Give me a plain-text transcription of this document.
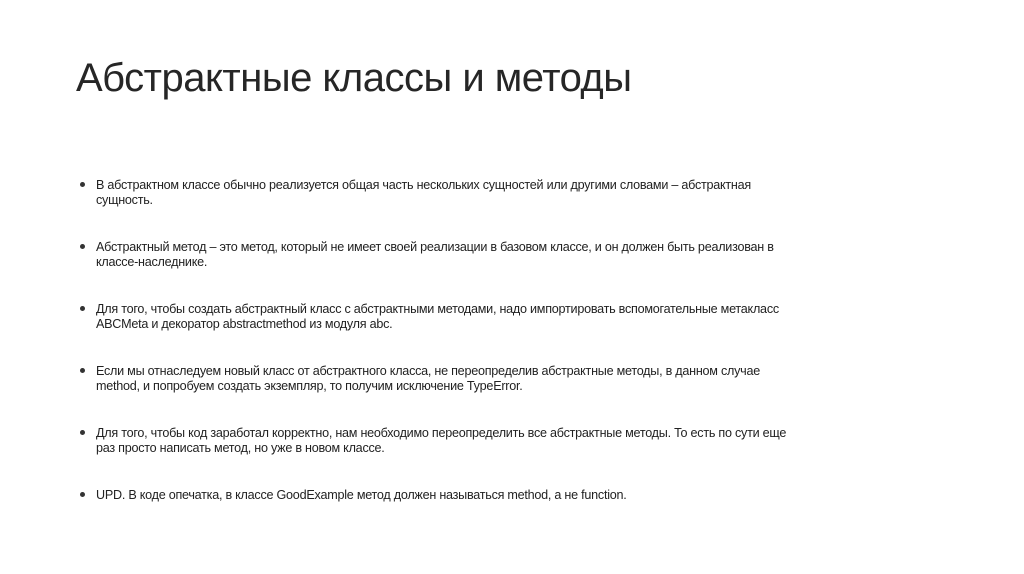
Абстрактные классы и методы
В абстрактном классе обычно реализуется общая часть нескольких сущностей или другими словами – абстрактная
сущность.
Абстрактный метод – это метод, который не имеет своей реализации в базовом классе, и он должен быть реализован в
классе-наследнике.
Для того, чтобы создать абстрактный класс с абстрактными методами, надо импортировать вспомогательные метакласс
ABCMeta и декоратор abstractmethod из модуля abc.
Если мы отнаследуем новый класс от абстрактного класса, не переопределив абстрактные методы, в данном случае
method, и попробуем создать экземпляр, то получим исключение TypeError.
Для того, чтобы код заработал корректно, нам необходимо переопределить все абстрактные методы. То есть по сути еще
раз просто написать метод, но уже в новом классе.
UPD. В коде опечатка, в классе GoodExample метод должен называться method, а не function.
